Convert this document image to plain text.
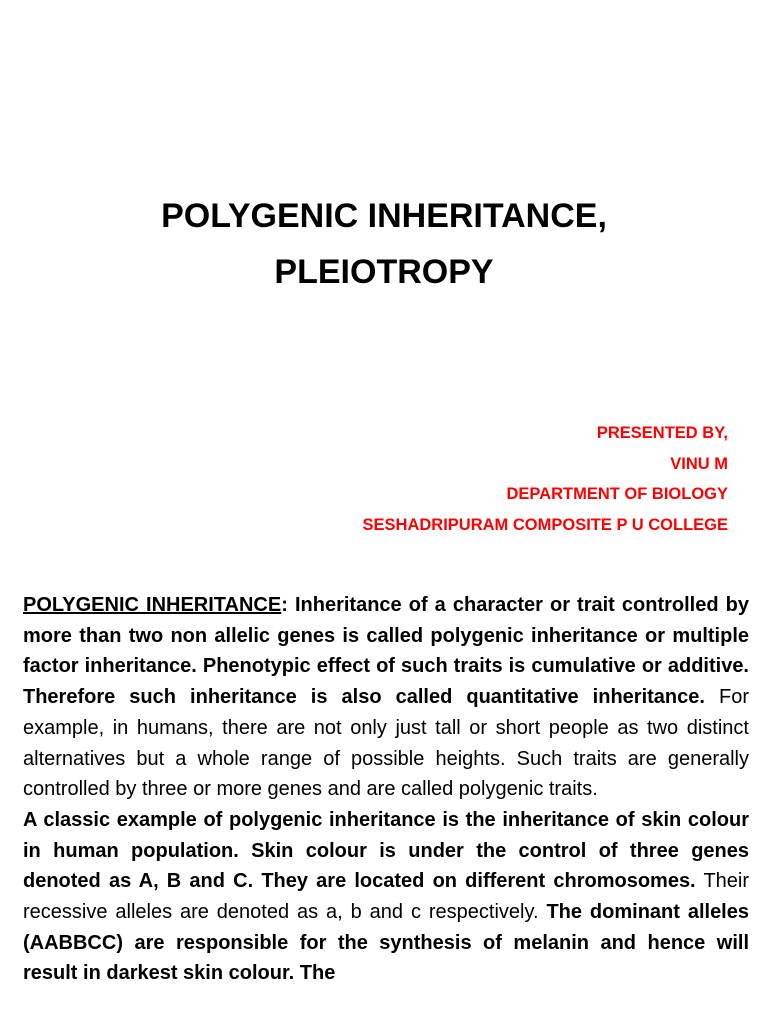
POLYGENIC INHERITANCE,
PLEIOTROPY
PRESENTED BY,
VINU M
DEPARTMENT OF BIOLOGY
SESHADRIPURAM COMPOSITE P U COLLEGE

POLYGENIC INHERITANCE: Inheritance of a character or trait controlled by more than two non allelic genes is called polygenic inheritance or multiple factor inheritance. Phenotypic effect of such traits is cumulative or additive. Therefore such inheritance is also called quantitative inheritance. For example, in humans, there are not only just tall or short people as two distinct alternatives but a whole range of possible heights. Such traits are generally controlled by three or more genes and are called polygenic traits.
A classic example of polygenic inheritance is the inheritance of skin colour in human population. Skin colour is under the control of three genes denoted as A, B and C. They are located on different chromosomes. Their recessive alleles are denoted as a, b and c respectively. The dominant alleles (AABBCC) are responsible for the synthesis of melanin and hence will result in darkest skin colour. The
